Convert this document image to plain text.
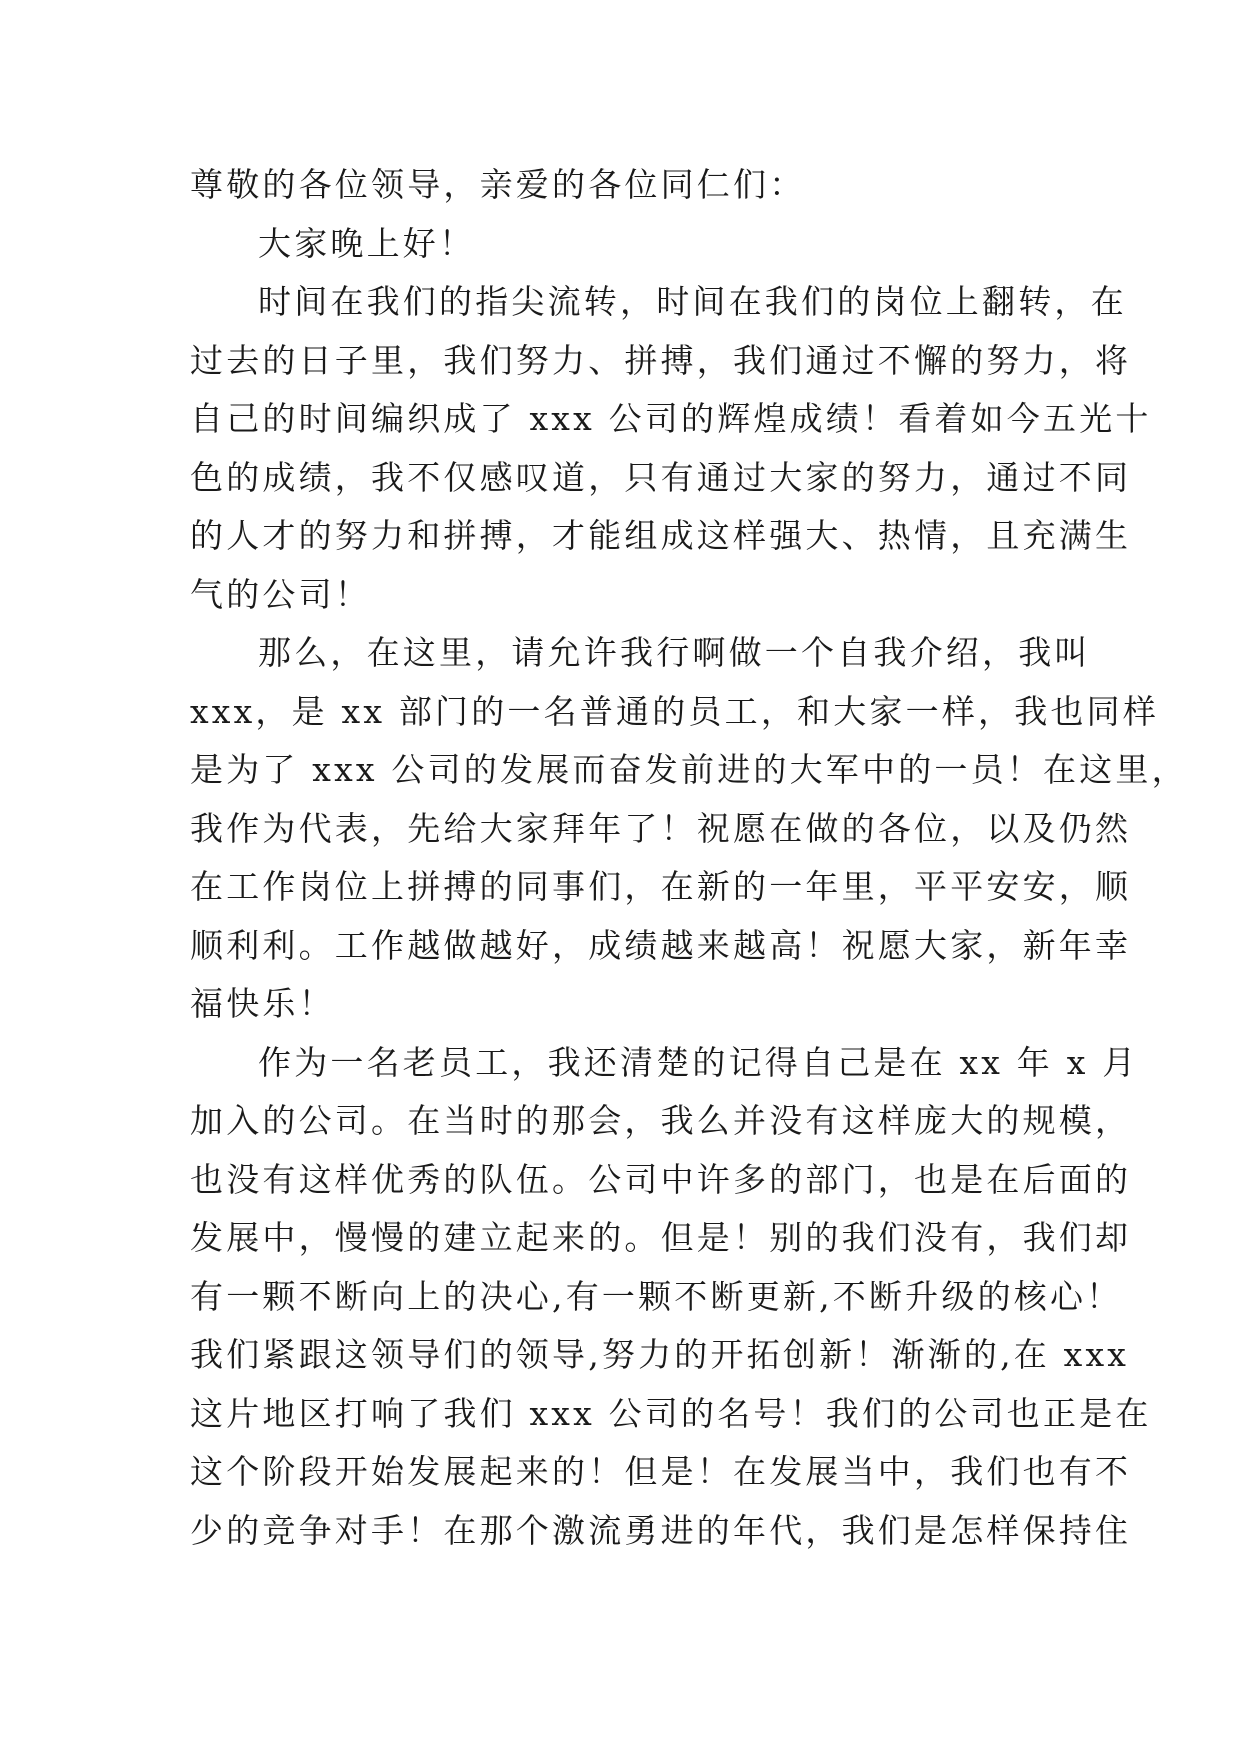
尊敬的各位领导，亲爱的各位同仁们：
大家晚上好！
时间在我们的指尖流转，时间在我们的岗位上翻转，在
过去的日子里，我们努力、拼搏，我们通过不懈的努力，将
自己的时间编织成了 xxx 公司的辉煌成绩！看着如今五光十
色的成绩，我不仅感叹道，只有通过大家的努力，通过不同
的人才的努力和拼搏，才能组成这样强大、热情，且充满生
气的公司！
那么，在这里，请允许我行啊做一个自我介绍，我叫
xxx，是 xx 部门的一名普通的员工，和大家一样，我也同样
是为了 xxx 公司的发展而奋发前进的大军中的一员！在这里，
我作为代表，先给大家拜年了！祝愿在做的各位，以及仍然
在工作岗位上拼搏的同事们，在新的一年里，平平安安，顺
顺利利。工作越做越好，成绩越来越高！祝愿大家，新年幸
福快乐！
作为一名老员工，我还清楚的记得自己是在 xx 年 x 月
加入的公司。在当时的那会，我么并没有这样庞大的规模，
也没有这样优秀的队伍。公司中许多的部门，也是在后面的
发展中，慢慢的建立起来的。但是！别的我们没有，我们却
有一颗不断向上的决心,有一颗不断更新,不断升级的核心！
我们紧跟这领导们的领导,努力的开拓创新！渐渐的,在 xxx
这片地区打响了我们 xxx 公司的名号！我们的公司也正是在
这个阶段开始发展起来的！但是！在发展当中，我们也有不
少的竞争对手！在那个激流勇进的年代，我们是怎样保持住
